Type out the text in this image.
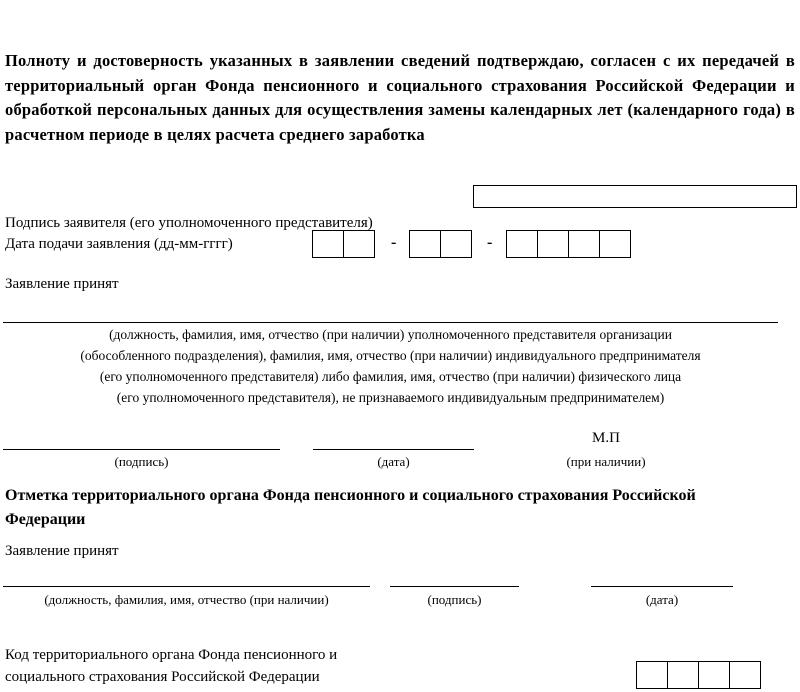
Полноту и достоверность указанных в заявлении сведений подтверждаю, согласен с их передачей в территориальный орган Фонда пенсионного и социального страхования Российской Федерации и обработкой персональных данных для осуществления замены календарных лет (календарного года) в расчетном периоде в целях расчета среднего заработка
Подпись заявителя (его уполномоченного представителя)
Дата подачи заявления (дд-мм-гггг)	-	-
Заявление принят
(должность, фамилия, имя, отчество (при наличии) уполномоченного представителя организации
(обособленного подразделения), фамилия, имя, отчество (при наличии) индивидуального предпринимателя
(его уполномоченного представителя) либо фамилия, имя, отчество (при наличии) физического лица
(его уполномоченного представителя), не признаваемого индивидуальным предпринимателем)
(подпись)	(дата)
М.П
(при наличии)
Отметка территориального органа Фонда пенсионного и социального страхования Российской Федерации
Заявление принят
(должность, фамилия, имя, отчество (при наличии)	(подпись)	(дата)
Код территориального органа Фонда пенсионного и
социального страхования Российской Федерации
